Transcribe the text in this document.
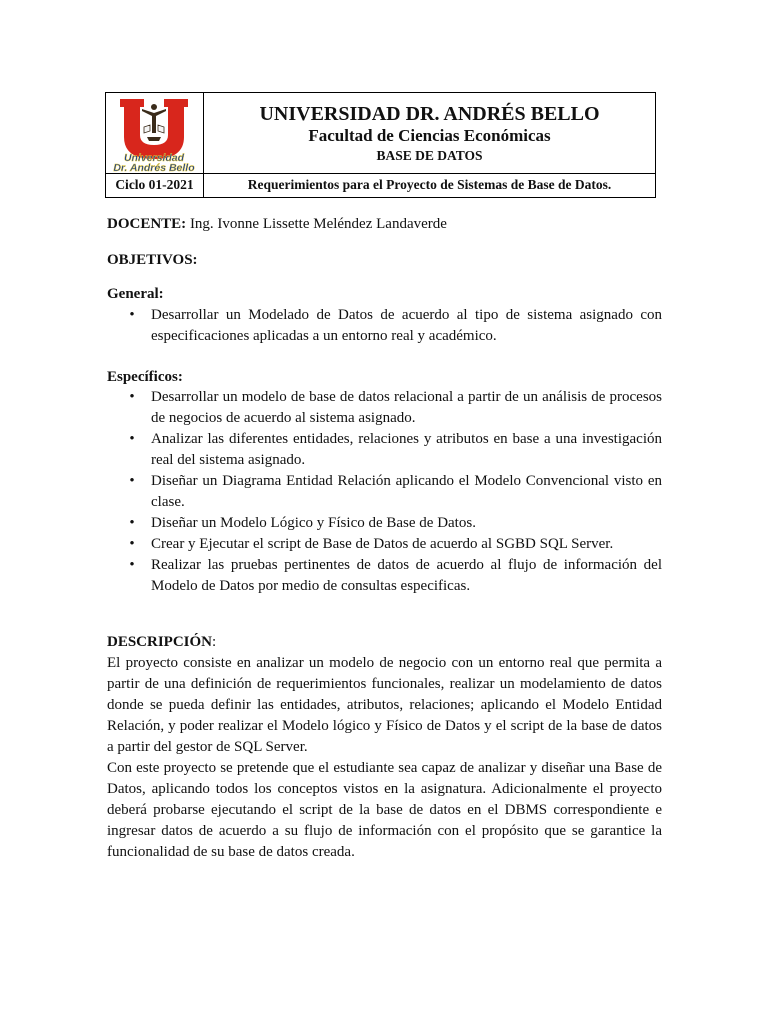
Universidad
Dr. Andrés Bello
UNIVERSIDAD DR. ANDRÉS BELLO
Facultad de Ciencias Económicas
BASE DE DATOS
Ciclo 01-2021	Requerimientos para el Proyecto de Sistemas de Base de Datos.
DOCENTE: Ing. Ivonne Lissette Meléndez Landaverde
OBJETIVOS:
General:
• Desarrollar un Modelado de Datos de acuerdo al tipo de sistema asignado con especificaciones aplicadas a un entorno real y académico.
Específicos:
• Desarrollar un modelo de base de datos relacional a partir de un análisis de procesos de negocios de acuerdo al sistema asignado.
• Analizar las diferentes entidades, relaciones y atributos en base a una investigación real del sistema asignado.
• Diseñar un Diagrama Entidad Relación aplicando el Modelo Convencional visto en clase.
• Diseñar un Modelo Lógico y Físico de Base de Datos.
• Crear y Ejecutar el script de Base de Datos de acuerdo al SGBD SQL Server.
• Realizar las pruebas pertinentes de datos de acuerdo al flujo de información del Modelo de Datos por medio de consultas especificas.
DESCRIPCIÓN:
El proyecto consiste en analizar un modelo de negocio con un entorno real que permita a partir de una definición de requerimientos funcionales, realizar un modelamiento de datos donde se pueda definir las entidades, atributos, relaciones; aplicando el Modelo Entidad Relación, y poder realizar el Modelo lógico y Físico de Datos y el script de la base de datos a partir del gestor de SQL Server.
Con este proyecto se pretende que el estudiante sea capaz de analizar y diseñar una Base de Datos, aplicando todos los conceptos vistos en la asignatura. Adicionalmente el proyecto deberá probarse ejecutando el script de la base de datos en el DBMS correspondiente e ingresar datos de acuerdo a su flujo de información con el propósito que se garantice la funcionalidad de su base de datos creada.
